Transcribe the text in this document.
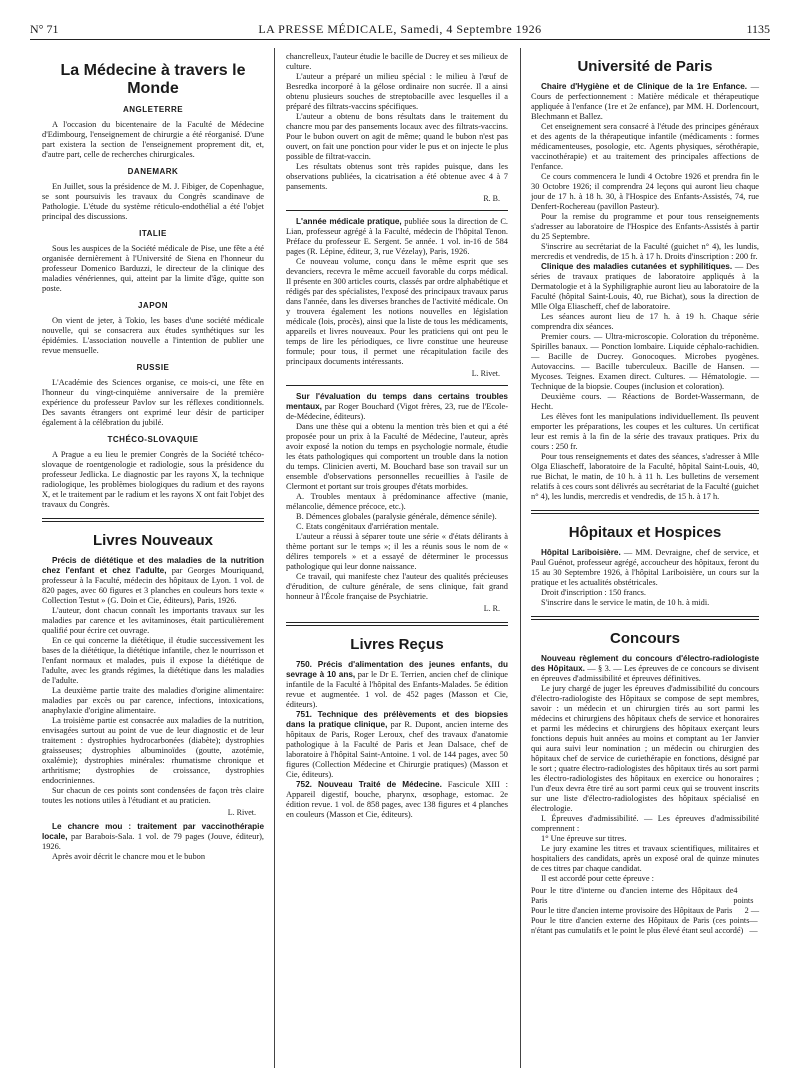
N° 71	LA PRESSE MÉDICALE, Samedi, 4 Septembre 1926	1135
La Médecine à travers le Monde
ANGLETERRE

A l'occasion du bicentenaire de la Faculté de Médecine d'Edimbourg, l'enseignement de chirurgie a été réorganisé. D'une part existera la section de l'enseignement proprement dit, et, d'autre part, celle de recherches chirurgicales.

DANEMARK

En Juillet, sous la présidence de M. J. Fibiger, de Copenhague, se sont poursuivis les travaux du Congrès scandinave de Pathologie. L'étude du système réticulo-endothélial a été l'objet principal des discussions.

ITALIE

Sous les auspices de la Société médicale de Pise, une fête a été organisée dernièrement à l'Université de Siena en l'honneur du professeur Domenico Barduzzi, le directeur de la clinique des maladies vénériennes, qui, atteint par la limite d'âge, quitte son poste.

JAPON

On vient de jeter, à Tokio, les bases d'une société médicale nouvelle, qui se consacrera aux études synthétiques sur les épidémies. L'association nouvelle a l'intention de publier une revue mensuelle.

RUSSIE

L'Académie des Sciences organise, ce mois-ci, une fête en l'honneur du vingt-cinquième anniversaire de la première expérience du professeur Pavlov sur les réflexes conditionnels. Des savants étrangers ont exprimé leur désir de participer également à la célébration du jubilé.

TCHÉCO-SLOVAQUIE

A Prague a eu lieu le premier Congrès de la Société tchéco-slovaque de roentgenologie et radiologie, sous la présidence du professeur Jedlicka. Le diagnostic par les rayons X, la technique radiologique, les problèmes biologiques du radium et des rayons X, et le traitement par le radium et les rayons X ont fait l'objet des travaux du Congrès.

Livres Nouveaux

Précis de diététique et des maladies de la nutrition chez l'enfant et chez l'adulte, par Georges Mouriquand, professeur à la Faculté, médecin des hôpitaux de Lyon. 1 vol. de 820 pages, avec 60 figures et 3 planches en couleurs hors texte « Collection Testut » (G. Doin et Cie, éditeurs), Paris, 1926.

L'auteur, dont chacun connaît les importants travaux sur les maladies par carence et les avitaminoses, était particulièrement qualifié pour écrire cet ouvrage.

En ce qui concerne la diététique, il étudie successivement les bases de la diététique, la diététique infantile, chez le nourrisson et l'enfant normaux et malades, puis il expose la diététique de l'adulte, avec les grands régimes, la diététique dans les maladies de l'adulte.

La deuxième partie traite des maladies d'origine alimentaire: maladies par excès ou par carence, infections, intoxications, anaphylaxie d'origine alimentaire.

La troisième partie est consacrée aux maladies de la nutrition, envisagées surtout au point de vue de leur diagnostic et de leur traitement : dystrophies hydrocarbonées (diabète); dystrophies graisseuses; dystrophies albuminoïdes (goutte, azotémie, oxalémie); dystrophies minérales: rhumatisme chronique et arthritisme; dystrophies de croissance, dystrophies endocriniennes.

Sur chacun de ces points sont condensées de façon très claire toutes les notions utiles à l'étudiant et au praticien.

L. Rivet.

Le chancre mou : traitement par vaccinothérapie locale, par Barabois-Sala. 1 vol. de 79 pages (Jouve, éditeur), 1926.

Après avoir décrit le chancre mou et le bubon

chancrelleux, l'auteur étudie le bacille de Ducrey et ses milieux de culture.

L'auteur a préparé un milieu spécial : le milieu à l'œuf de Besredka incorporé à la gélose ordinaire non sucrée. Il a ainsi obtenu plusieurs souches de streptobacille avec lesquelles il a préparé des filtrats-vaccins spécifiques.

L'auteur a obtenu de bons résultats dans le traitement du chancre mou par des pansements locaux avec des filtrats-vaccins. Pour le bubon ouvert on agit de même; quand le bubon n'est pas ouvert, on fait une ponction pour vider le pus et on injecte le plus possible de filtrat-vaccin.

Les résultats obtenus sont très rapides puisque, dans les observations publiées, la cicatrisation a été obtenue avec 4 à 7 pansements.

R. B.

L'année médicale pratique, publiée sous la direction de C. Lian, professeur agrégé à la Faculté, médecin de l'hôpital Tenon. Préface du professeur E. Sergent. 5e année. 1 vol. in-16 de 584 pages (R. Lépine, éditeur, 3, rue Vézelay), Paris, 1926.

Ce nouveau volume, conçu dans le même esprit que ses devanciers, recevra le même accueil favorable du corps médical. Il présente en 300 articles courts, classés par ordre alphabétique et rédigés par des spécialistes, l'exposé des principaux travaux parus dans l'année, dans les diverses branches de l'activité médicale. On y trouvera également les notions nouvelles en législation médicale (lois, procès), ainsi que la liste de tous les médicaments, appareils et livres nouveaux. Pour les praticiens qui ont peu le temps de lire les périodiques, ce livre constitue une heureuse formule; pour tous, il permet une récapitulation facile des principaux documents intéressants.

L. Rivet.

Sur l'évaluation du temps dans certains troubles mentaux, par Roger Bouchard (Vigot frères, 23, rue de l'Ecole-de-Médecine, éditeurs).

Dans une thèse qui a obtenu la mention très bien et qui a été proposée pour un prix à la Faculté de Médecine, l'auteur, après avoir exposé la notion du temps en psychologie normale, étudie les états pathologiques qui comportent un trouble dans la notion du temps. Clinicien averti, M. Bouchard base son travail sur un ensemble d'observations personnelles recueillies à l'asile de Clermont et portant sur trois groupes d'états morbides.

A. Troubles mentaux à prédominance affective (manie, mélancolie, démence précoce, etc.).

B. Démences globales (paralysie générale, démence sénile).

C. Etats congénitaux d'arriération mentale.

L'auteur a réussi à séparer toute une série « d'états délirants à thème portant sur le temps »; il les a réunis sous le nom de « délires temporels » et a essayé de déterminer le processus pathologique qui leur donne naissance.

Ce travail, qui manifeste chez l'auteur des qualités précieuses d'érudition, de culture générale, de sens clinique, fait grand honneur à l'École française de Psychiatrie.

L. R.
Livres Reçus

750. Précis d'alimentation des jeunes enfants, du sevrage à 10 ans, par le Dr E. Terrien, ancien chef de clinique infantile de la Faculté à l'hôpital des Enfants-Malades. 5e édition revue et augmentée. 1 vol. de 452 pages (Masson et Cie, éditeurs).

751. Technique des prélèvements et des biopsies dans la pratique clinique, par R. Dupont, ancien interne des hôpitaux de Paris, Roger Leroux, chef des travaux d'anatomie pathologique à la Faculté de Paris et Jean Dalsace, chef de laboratoire à l'hôpital Saint-Antoine. 1 vol. de 144 pages, avec 50 figures (Collection Médecine et Chirurgie pratiques) (Masson et Cie, éditeurs).

752. Nouveau Traité de Médecine. Fascicule XIII : Appareil digestif, bouche, pharynx, œsophage, estomac. 2e édition revue. 1 vol. de 858 pages, avec 138 figures et 4 planches en couleurs (Masson et Cie, éditeurs).

Université de Paris

Chaire d'Hygiène et de Clinique de la 1re Enfance. — Cours de perfectionnement : Matière médicale et thérapeutique appliquée à l'enfance (1re et 2e enfance), par MM. H. Dorlencourt, Blechmann et Ballez.

Cet enseignement sera consacré à l'étude des principes généraux et des agents de la thérapeutique infantile (médicaments : formes médicamenteuses, posologie, etc. Agents physiques, sérothérapie, vaccinothérapie) et au traitement des principales affections de l'enfance.

Ce cours commencera le lundi 4 Octobre 1926 et prendra fin le 30 Octobre 1926; il comprendra 24 leçons qui auront lieu chaque jour de 17 h. à 18 h. 30, à l'Hospice des Enfants-Assistés, 74, rue Denfert-Rochereau (pavillon Pasteur).

Pour la remise du programme et pour tous renseignements s'adresser au laboratoire de l'Hospice des Enfants-Assistés à partir du 25 Septembre.

S'inscrire au secrétariat de la Faculté (guichet n° 4), les lundis, mercredis et vendredis, de 15 h. à 17 h. Droits d'inscription : 200 fr.

Clinique des maladies cutanées et syphilitiques. — Des séries de travaux pratiques de laboratoire appliqués à la Dermatologie et à la Syphiligraphie auront lieu au laboratoire de la Faculté (hôpital Saint-Louis, 40, rue Bichat), sous la direction de Mlle Olga Eliascheff, chef de laboratoire.

Les séances auront lieu de 17 h. à 19 h. Chaque série comprendra dix séances.

Premier cours. — Ultra-microscopie. Coloration du tréponème. Spirilles banaux. — Ponction lombaire. Liquide céphalo-rachidien. — Bacille de Ducrey. Gonocoques. Microbes pyogènes. Autovaccins. — Bacille tuberculeux. Bacille de Hansen. — Mycoses. Teignes. Examen direct. Cultures. — Hématologie. — Technique de la biopsie. Coupes (inclusion et coloration).

Deuxième cours. — Réactions de Bordet-Wassermann, de Hecht.

Les élèves font les manipulations individuellement. Ils peuvent emporter les préparations, les coupes et les cultures. Un certificat leur est remis à la fin de la série des travaux pratiques. Prix du cours : 250 fr.

Pour tous renseignements et dates des séances, s'adresser à Mlle Olga Eliascheff, laboratoire de la Faculté, hôpital Saint-Louis, 40, rue Bichat, le matin, de 10 h. à 11 h. Les bulletins de versement relatifs à ces cours sont délivrés au secrétariat de la Faculté (guichet n° 4), les lundis, mercredis et vendredis, de 15 h. à 17 h.

Hôpitaux et Hospices

Hôpital Lariboisière. — MM. Devraigne, chef de service, et Paul Guénot, professeur agrégé, accoucheur des hôpitaux, feront du 15 au 30 Septembre 1926, à l'hôpital Lariboisière, un cours sur la pratique et les actualités obstétricales.

Droit d'inscription : 150 francs.

S'inscrire dans le service le matin, de 10 h. à midi.

Concours

Nouveau règlement du concours d'électro-radiologiste des Hôpitaux. — § 3. — Les épreuves de ce concours se divisent en épreuves d'admissibilité et épreuves définitives.

Le jury chargé de juger les épreuves d'admissibilité du concours d'électro-radiologiste des Hôpitaux se compose de sept membres, savoir : un médecin et un chirurgien tirés au sort parmi les médecins et chirurgiens des hôpitaux chefs de service et honoraires et parmi les médecins et chirurgiens des hôpitaux exerçant leurs fonctions depuis huit années au moins et comptant au 1er Janvier qui aura suivi leur nomination ; un médecin ou chirurgien des hôpitaux chef de service de curiethérapie en fonctions, désigné par le sort ; quatre électro-radiologistes des hôpitaux tirés au sort parmi les électro-radiologistes des hôpitaux en exercice ou honoraires ; l'un d'eux devra être tiré au sort parmi ceux qui se trouvent inscrits sur une liste d'électro-radiologistes des hôpitaux spécialisé en électrologie.

I. Épreuves d'admissibilité. — Les épreuves d'admissibilité comprennent :

1° Une épreuve sur titres.

Le jury examine les titres et travaux scientifiques, militaires et hospitaliers des candidats, après un exposé oral de quinze minutes de ces titres par chaque candidat.

Il est accordé pour cette épreuve :

Pour le titre d'interne ou d'ancien interne des Hôpitaux de Paris
4 points
Pour le titre d'ancien interne provisoire des Hôpitaux de Paris 2 —
Pour le titre d'ancien externe des Hôpitaux de Paris (ces points n'étant pas cumulatifs et le point le plus élevé étant seul accordé)
— —
